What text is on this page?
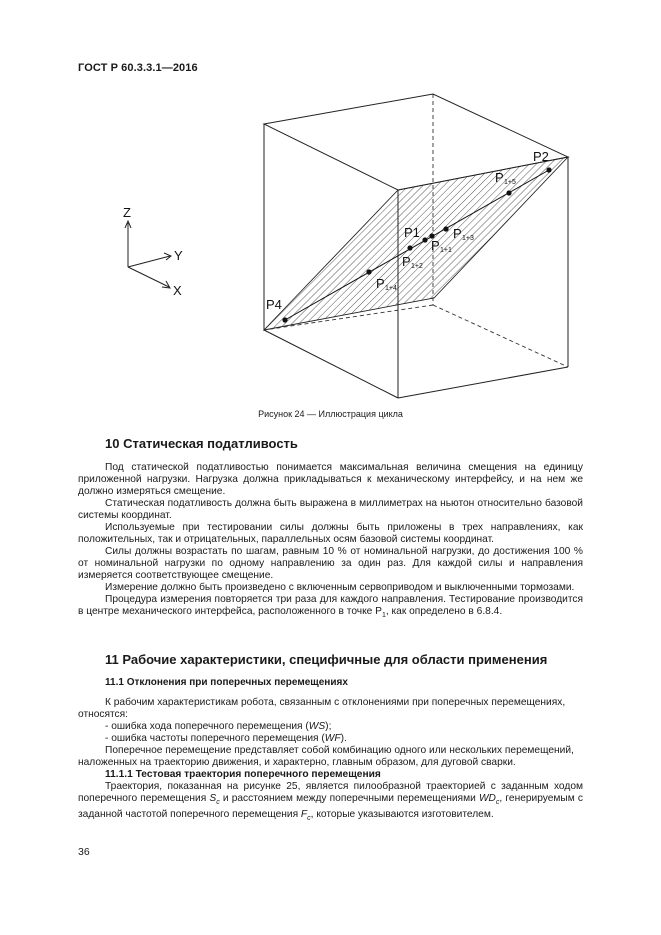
ГОСТ Р 60.3.3.1—2016
P4
P2
P1
P 1+5
P 1+3
P 1+1
P 1+2
P 1+4
Z
Y
X
Рисунок 24 — Иллюстрация цикла
10 Статическая податливость

Под статической податливостью понимается максимальная величина смещения на единицу приложенной нагрузки. Нагрузка должна прикладываться к механическому интерфейсу, и на нем же должно измеряться смещение.

Статическая податливость должна быть выражена в миллиметрах на ньютон относительно базовой системы координат.

Используемые при тестировании силы должны быть приложены в трех направлениях, как положительных, так и отрицательных, параллельных осям базовой системы координат.

Силы должны возрастать по шагам, равным 10 % от номинальной нагрузки, до достижения 100 % от номинальной нагрузки по одному направлению за один раз. Для каждой силы и направления измеряется соответствующее смещение.

Измерение должно быть произведено с включенным сервоприводом и выключенными тормозами.

Процедура измерения повторяется три раза для каждого направления. Тестирование производится в центре механического интерфейса, расположенного в точке $P_1$, как определено в 6.8.4.

11 Рабочие характеристики, специфичные для области применения
11.1 Отклонения при поперечных перемещениях

К рабочим характеристикам робота, связанным с отклонениями при поперечных перемещениях, относятся:

- ошибка хода поперечного перемещения (WS);

- ошибка частоты поперечного перемещения (WF).

Поперечное перемещение представляет собой комбинацию одного или нескольких перемещений, наложенных на траекторию движения, и характерно, главным образом, для дуговой сварки.

11.1.1 Тестовая траектория поперечного перемещения

Траектория, показанная на рисунке 25, является пилообразной траекторией с заданным ходом поперечного перемещения $S_c$ и расстоянием между поперечными перемещениями $WD_c$, генерируемым с заданной частотой поперечного перемещения $F_c$, которые указываются изготовителем.

36
